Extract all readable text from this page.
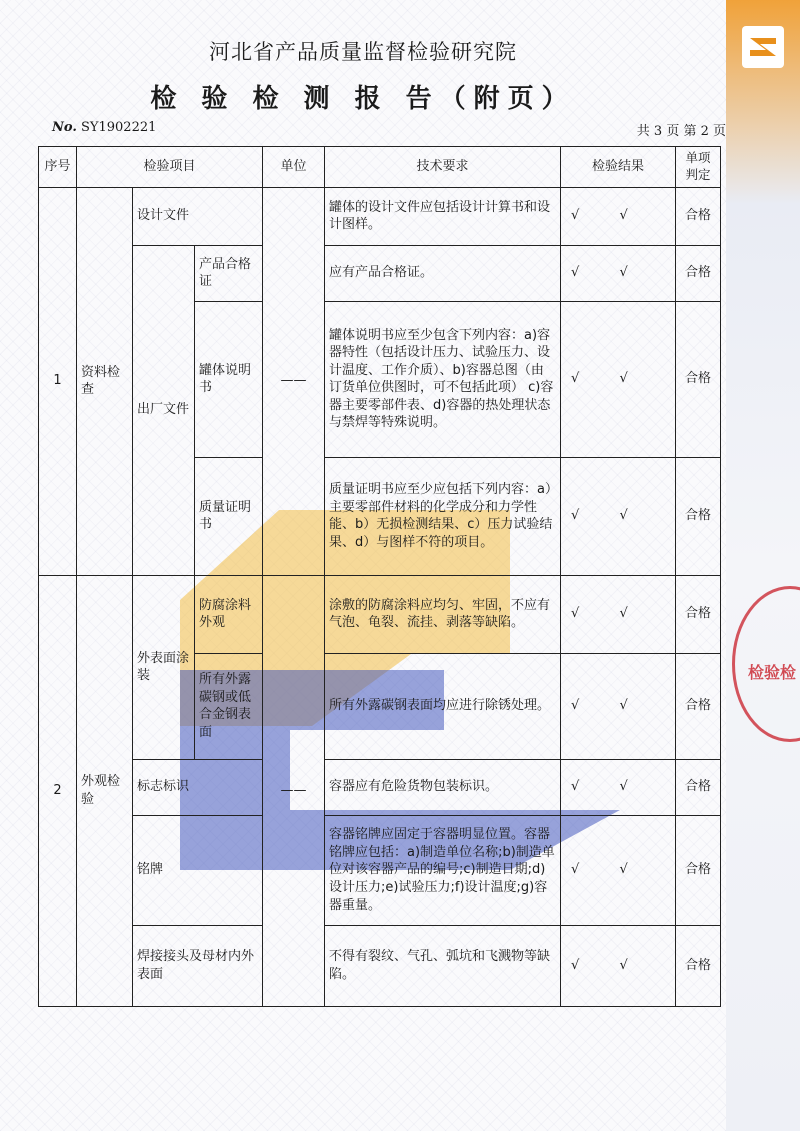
检验检
河北省产品质量监督检验研究院
检 验 检 测 报 告（附页）
No. SY1902221	共 3 页 第 2 页
序号	检验项目			单位	技术要求	检验结果	单项判定
1	资料检查	设计文件		——	罐体的设计文件应包括设计计算书和设计图样。	√ √	合格
		出厂文件	产品合格证		应有产品合格证。	√ √	合格
			罐体说明书		罐体说明书应至少包含下列内容：a)容器特性（包括设计压力、试验压力、设计温度、工作介质）、b)容器总图（由订货单位供图时，可不包括此项） c)容器主要零部件表、d)容器的热处理状态与禁焊等特殊说明。	√ √	合格
			质量证明书		质量证明书应至少应包括下列内容：a）主要零部件材料的化学成分和力学性能、b）无损检测结果、c）压力试验结果、d）与图样不符的项目。	√ √	合格
2	外观检验	外表面涂装	防腐涂料外观	——	涂敷的防腐涂料应均匀、牢固，不应有气泡、龟裂、流挂、剥落等缺陷。	√ √	合格
			所有外露碳钢或低合金钢表面		所有外露碳钢表面均应进行除锈处理。	√ √	合格
		标志标识			容器应有危险货物包装标识。	√ √	合格
		铭牌			容器铭牌应固定于容器明显位置。容器铭牌应包括：a)制造单位名称;b)制造单位对该容器产品的编号;c)制造日期;d)设计压力;e)试验压力;f)设计温度;g)容器重量。	√ √	合格
		焊接接头及母材内外表面			不得有裂纹、气孔、弧坑和飞溅物等缺陷。	√ √	合格
